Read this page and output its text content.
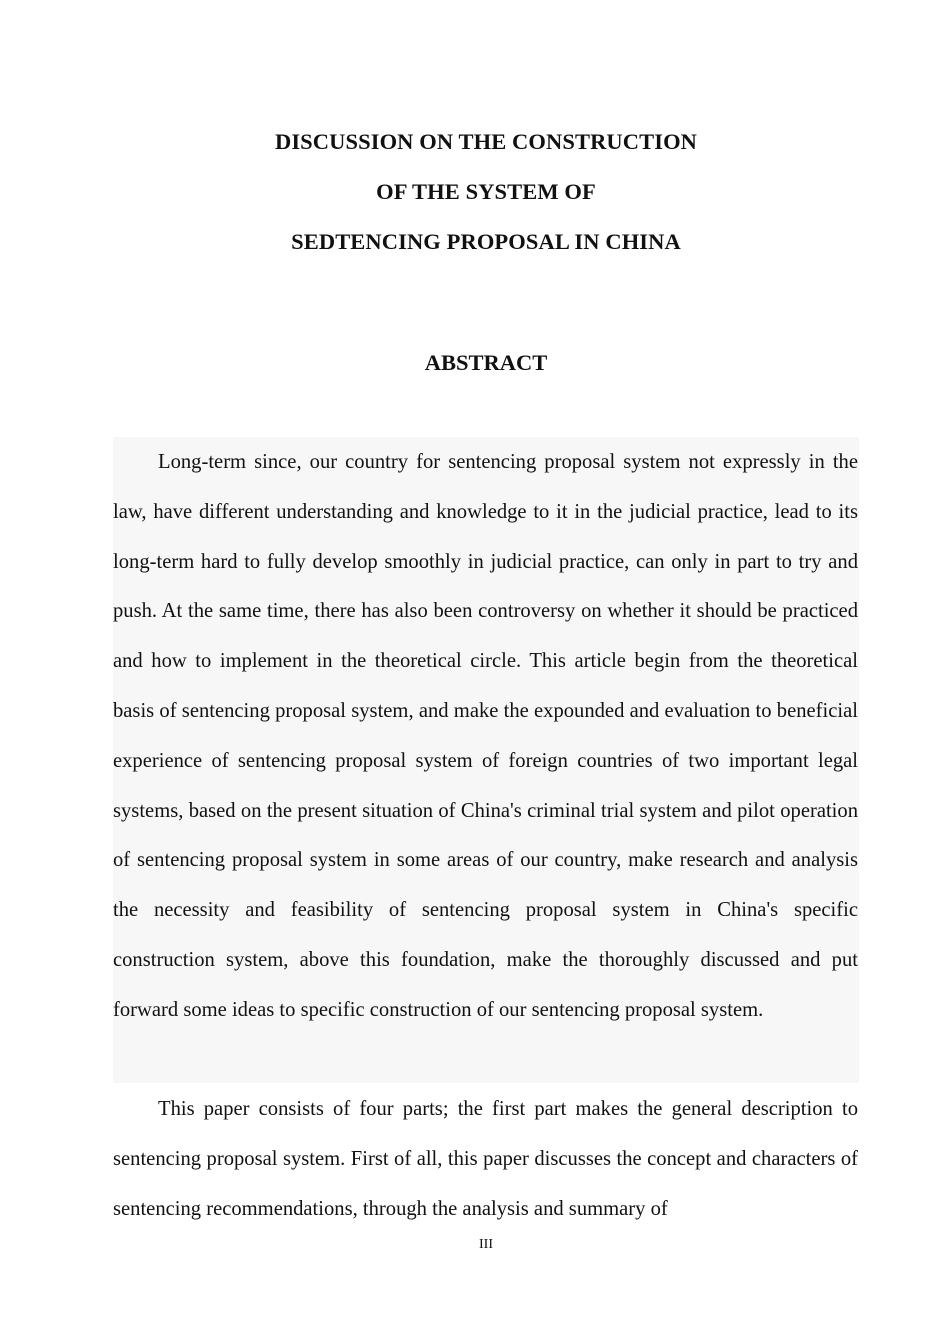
DISCUSSION ON THE CONSTRUCTION
OF THE SYSTEM OF
SEDTENCING PROPOSAL IN CHINA
ABSTRACT

Long-term since, our country for sentencing proposal system not expressly in the law, have different understanding and knowledge to it in the judicial practice, lead to its long-term hard to fully develop smoothly in judicial practice, can only in part to try and push. At the same time, there has also been controversy on whether it should be practiced and how to implement in the theoretical circle. This article begin from the theoretical basis of sentencing proposal system, and make the expounded and evaluation to beneficial experience of sentencing proposal system of foreign countries of two important legal systems, based on the present situation of China's criminal trial system and pilot operation of sentencing proposal system in some areas of our country, make research and analysis the necessity and feasibility of sentencing proposal system in China's specific construction system, above this foundation, make the thoroughly discussed and put forward some ideas to specific construction of our sentencing proposal system.

This paper consists of four parts; the first part makes the general description to sentencing proposal system. First of all, this paper discusses the concept and characters of sentencing recommendations, through the analysis and summary of

III
